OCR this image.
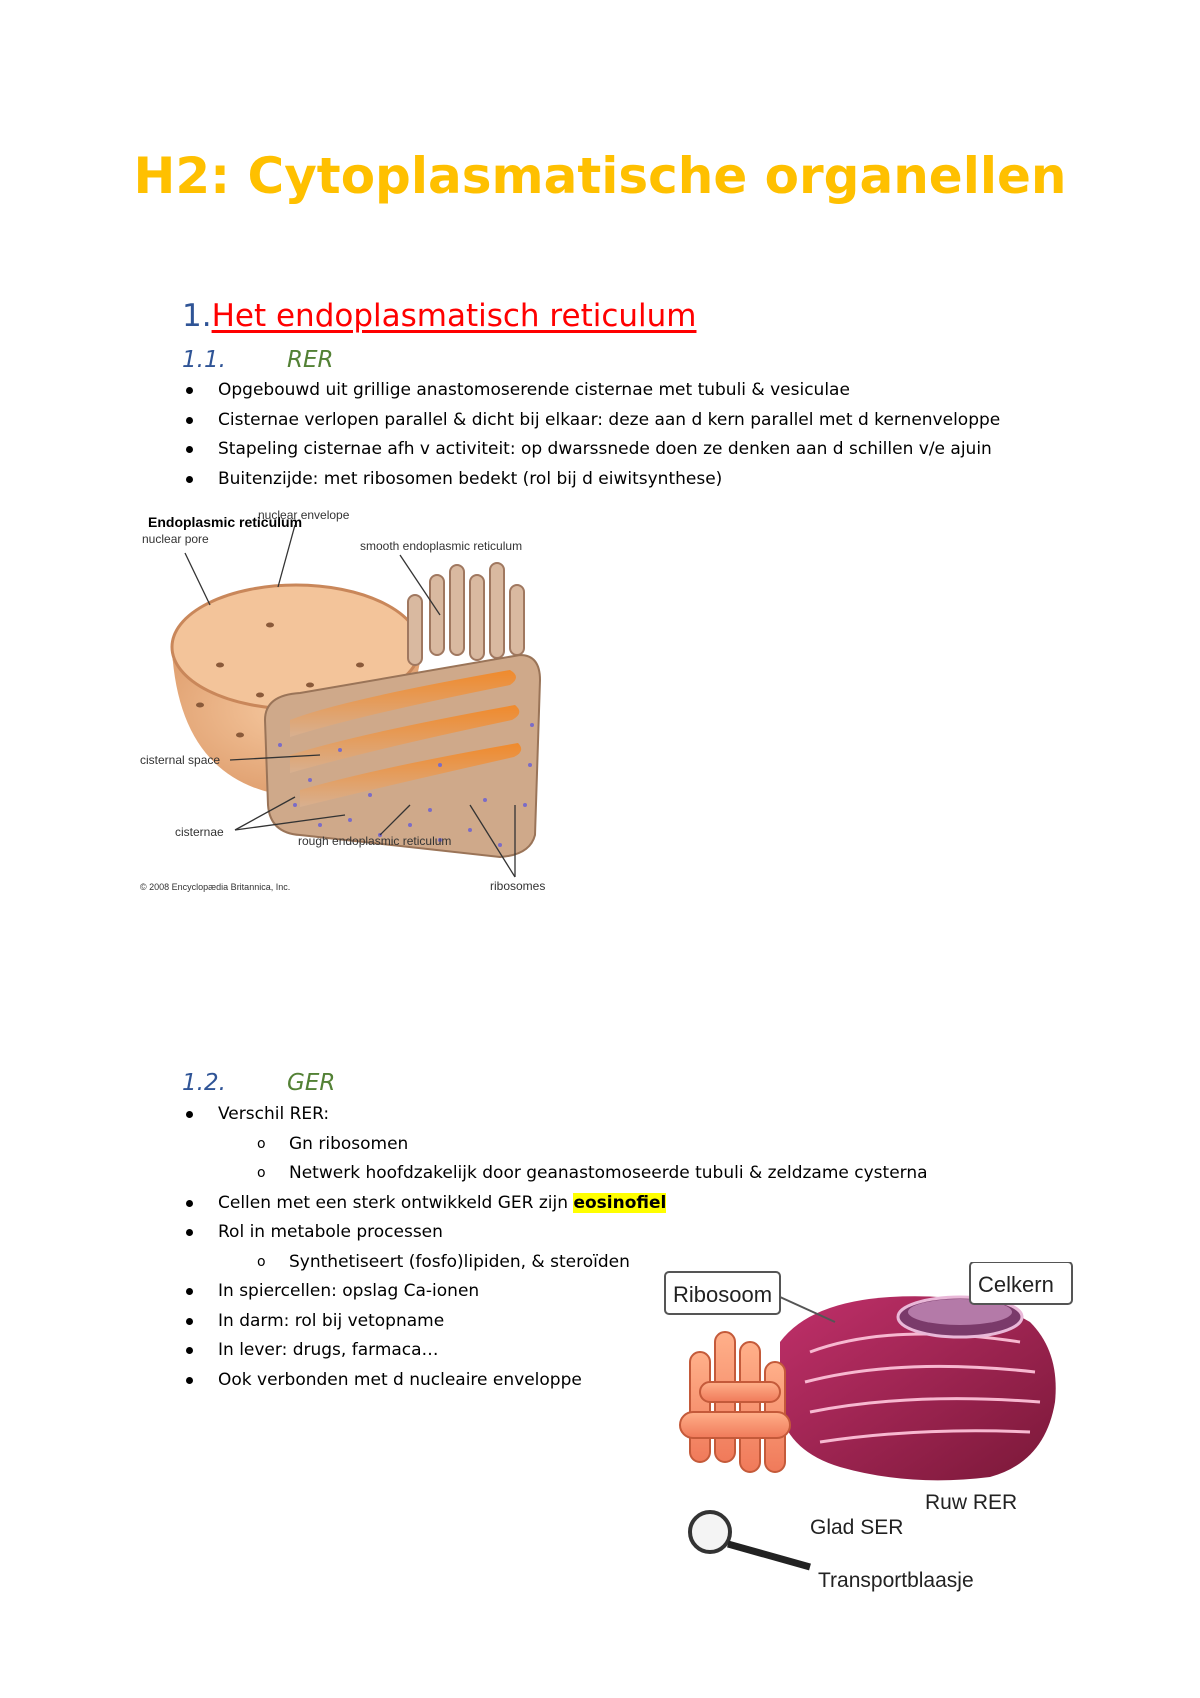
H2: Cytoplasmatische organellen
1.Het endoplasmatisch reticulum
1.1.	RER
Opgebouwd uit grillige anastomoserende cisternae met tubuli & vesiculae
Cisternae verlopen parallel & dicht bij elkaar: deze aan d kern parallel met d kernenveloppe
Stapeling cisternae afh v activiteit: op dwarssnede doen ze denken aan d schillen v/e ajuin
Buitenzijde: met ribosomen bedekt (rol bij d eiwitsynthese)
Endoplasmic reticulum
nuclear pore
nuclear envelope
smooth endoplasmic reticulum
cisternal space
cisternae
rough endoplasmic reticulum
ribosomes
© 2008 Encyclopædia Britannica, Inc.
1.2.	GER
Verschil RER:
o Gn ribosomen
o Netwerk hoofdzakelijk door geanastomoseerde tubuli & zeldzame cysterna
Cellen met een sterk ontwikkeld GER zijn eosinofiel
Rol in metabole processen
o Synthetiseert (fosfo)lipiden, & steroïden
In spiercellen: opslag Ca-ionen
In darm: rol bij vetopname
In lever: drugs, farmaca…
Ook verbonden met d nucleaire enveloppe
Ribosoom	Celkern
Ruw RER
Glad SER
Transportblaasje
